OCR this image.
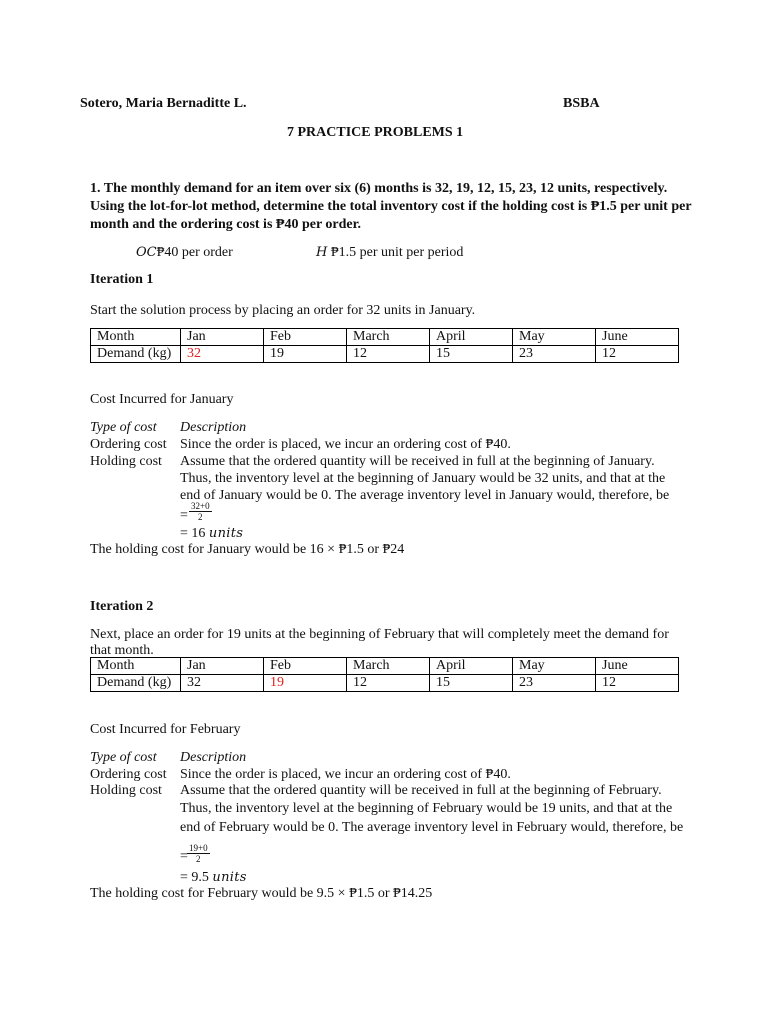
Sotero, Maria Bernaditte L.	BSBA
7 PRACTICE PROBLEMS 1
1. The monthly demand for an item over six (6) months is 32, 19, 12, 15, 23, 12 units, respectively.
Using the lot-for-lot method, determine the total inventory cost if the holding cost is ₱1.5 per unit per
month and the ordering cost is ₱40 per order.
OC₱40 per order	H ₱1.5 per unit per period
Iteration 1
Start the solution process by placing an order for 32 units in January.
Month	Jan	Feb	March	April	May	June
Demand (kg)	32	19	12	15	23	12
Cost Incurred for January
Type of cost Description
Ordering cost Since the order is placed, we incur an ordering cost of ₱40.
Holding cost Assume that the ordered quantity will be received in full at the beginning of January.
Thus, the inventory level at the beginning of January would be 32 units, and that at the
end of January would be 0. The average inventory level in January would, therefore, be
=
32+0
2
= 16 units
The holding cost for January would be 16 × ₱1.5 or ₱24
Iteration 2
Next, place an order for 19 units at the beginning of February that will completely meet the demand for
that month.
Month	Jan	Feb	March	April	May	June
Demand (kg)	32	19	12	15	23	12
Cost Incurred for February
Type of cost Description
Ordering cost Since the order is placed, we incur an ordering cost of ₱40.
Holding cost Assume that the ordered quantity will be received in full at the beginning of February.
Thus, the inventory level at the beginning of February would be 19 units, and that at the
end of February would be 0. The average inventory level in February would, therefore, be
=
19+0
2
= 9.5 units
The holding cost for February would be 9.5 × ₱1.5 or ₱14.25
